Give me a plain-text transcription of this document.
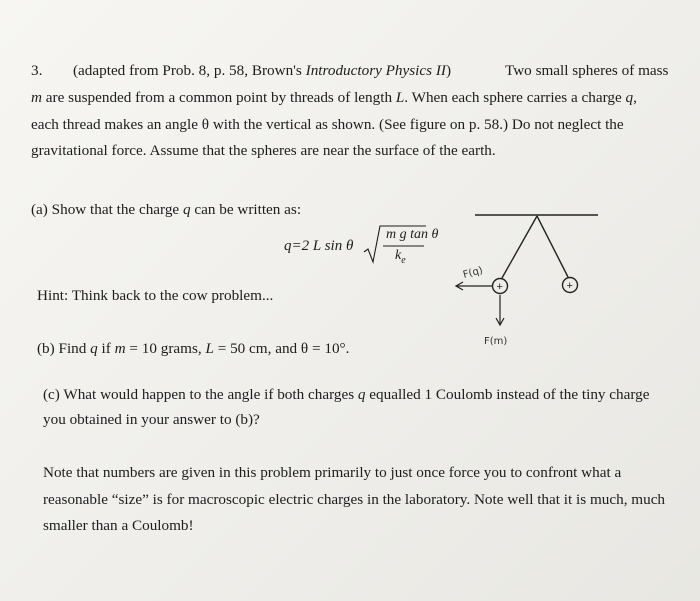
3. (adapted from Prob. 8, p. 58, Brown's Introductory Physics II)	Two small spheres of mass
m are suspended from a common point by threads of length L. When each sphere carries a charge q,
each thread makes an angle θ with the vertical as shown. (See figure on p. 58.) Do not neglect the
gravitational force. Assume that the spheres are near the surface of the earth.
(a) Show that the charge q can be written as:
q=2 L sin θ
m g tan θ
$k_e$
Hint: Think back to the cow problem...
(b) Find q if m = 10 grams, L = 50 cm, and θ = 10°.
(c) What would happen to the angle if both charges q equalled 1 Coulomb instead of the tiny charge
you obtained in your answer to (b)?
Note that numbers are given in this problem primarily to just once force you to confront what a
reasonable “size” is for macroscopic electric charges in the laboratory. Note well that it is much, much
smaller than a Coulomb!
+	+
F(q)
F(m)
